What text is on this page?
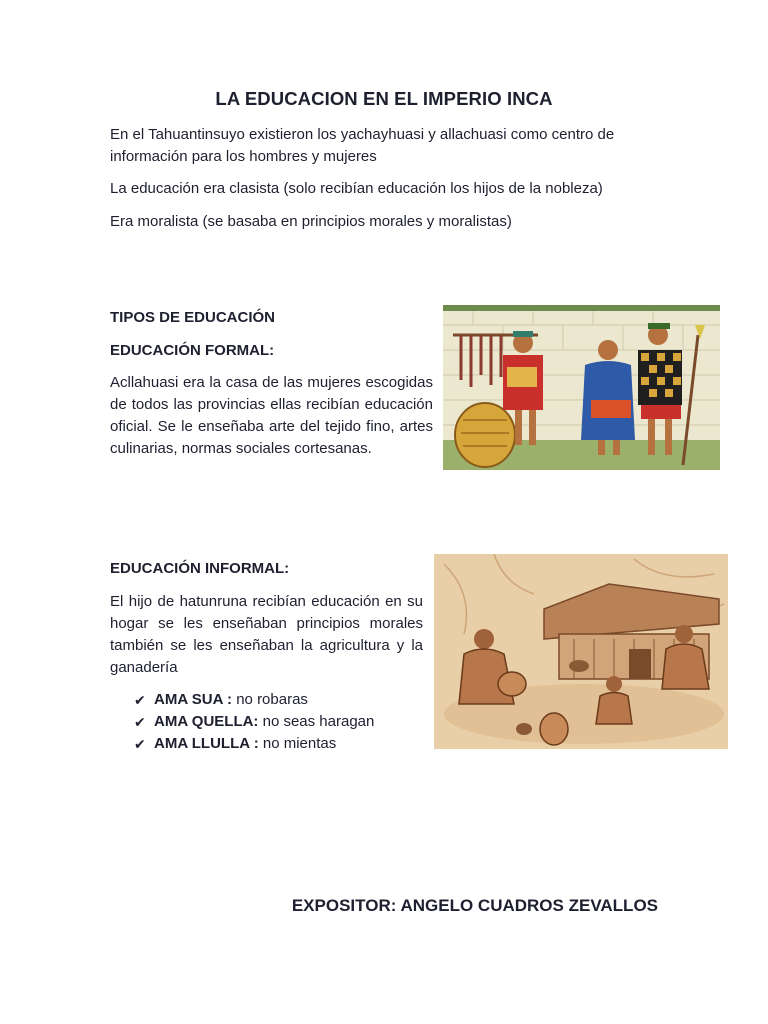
LA EDUCACION EN EL IMPERIO INCA
En el Tahuantinsuyo existieron los yachayhuasi y allachuasi como centro de información para los hombres y mujeres
La educación era clasista (solo recibían educación los hijos de la nobleza)
Era moralista (se basaba en principios morales y moralistas)
TIPOS DE EDUCACIÓN
EDUCACIÓN FORMAL:
Acllahuasi era la casa de las mujeres escogidas de todos las provincias ellas recibían educación oficial. Se le enseñaba arte del tejido fino, artes culinarias, normas sociales cortesanas.
EDUCACIÓN INFORMAL:
El hijo de hatunruna recibían educación en su hogar se les enseñaban principios morales también se les enseñaban la agricultura y la ganadería
✔ AMA SUA : no robaras
✔ AMA QUELLA: no seas haragan
✔ AMA LLULLA : no mientas
EXPOSITOR: ANGELO CUADROS ZEVALLOS
